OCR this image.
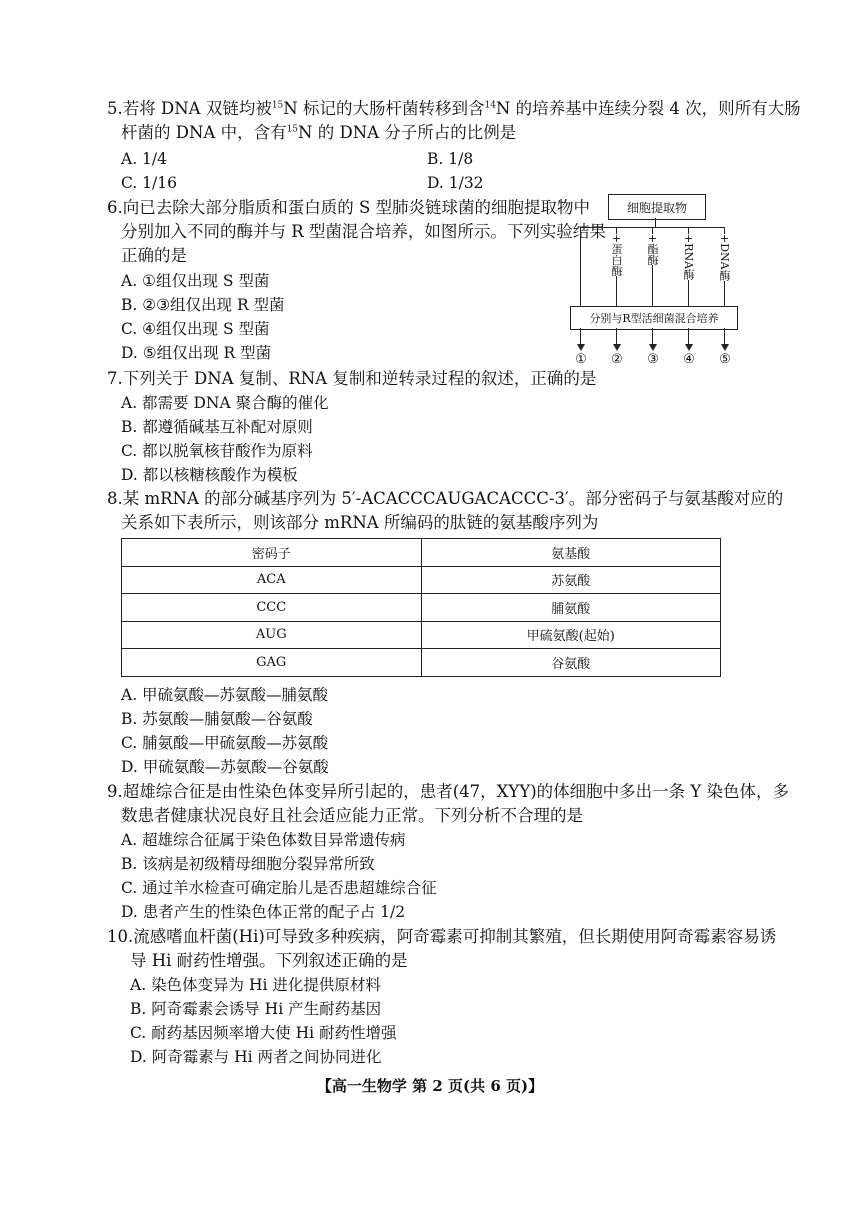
5.若将 DNA 双链均被$^{15}$N 标记的大肠杆菌转移到含$^{14}$N 的培养基中连续分裂 4 次，则所有大肠
杆菌的 DNA 中，含有$^{15}$N 的 DNA 分子所占的比例是
A. 1/4	B. 1/8
C. 1/16	D. 1/32
6.向已去除大部分脂质和蛋白质的 S 型肺炎链球菌的细胞提取物中
分别加入不同的酶并与 R 型菌混合培养，如图所示。下列实验结果
正确的是
A. ①组仅出现 S 型菌
B. ②③组仅出现 R 型菌
C. ④组仅出现 S 型菌
D. ⑤组仅出现 R 型菌
细胞提取物
+蛋白酶 +酯酶 +RNA酶 +DNA酶
分别与R型活细菌混合培养
① ② ③ ④ ⑤
7.下列关于 DNA 复制、RNA 复制和逆转录过程的叙述，正确的是
A. 都需要 DNA 聚合酶的催化
B. 都遵循碱基互补配对原则
C. 都以脱氧核苷酸作为原料
D. 都以核糖核酸作为模板
8.某 mRNA 的部分碱基序列为 5′-ACACCCAUGACACCC-3′。部分密码子与氨基酸对应的
关系如下表所示，则该部分 mRNA 所编码的肽链的氨基酸序列为
密码子	氨基酸
ACA	苏氨酸
CCC	脯氨酸
AUG	甲硫氨酸(起始)
GAG	谷氨酸
A. 甲硫氨酸—苏氨酸—脯氨酸
B. 苏氨酸—脯氨酸—谷氨酸
C. 脯氨酸—甲硫氨酸—苏氨酸
D. 甲硫氨酸—苏氨酸—谷氨酸
9.超雄综合征是由性染色体变异所引起的，患者(47，XYY)的体细胞中多出一条 Y 染色体，多
数患者健康状况良好且社会适应能力正常。下列分析不合理的是
A. 超雄综合征属于染色体数目异常遗传病
B. 该病是初级精母细胞分裂异常所致
C. 通过羊水检查可确定胎儿是否患超雄综合征
D. 患者产生的性染色体正常的配子占 1/2
10.流感嗜血杆菌(Hi)可导致多种疾病，阿奇霉素可抑制其繁殖，但长期使用阿奇霉素容易诱
导 Hi 耐药性增强。下列叙述正确的是
A. 染色体变异为 Hi 进化提供原材料
B. 阿奇霉素会诱导 Hi 产生耐药基因
C. 耐药基因频率增大使 Hi 耐药性增强
D. 阿奇霉素与 Hi 两者之间协同进化
【高一生物学 第 2 页(共 6 页)】
